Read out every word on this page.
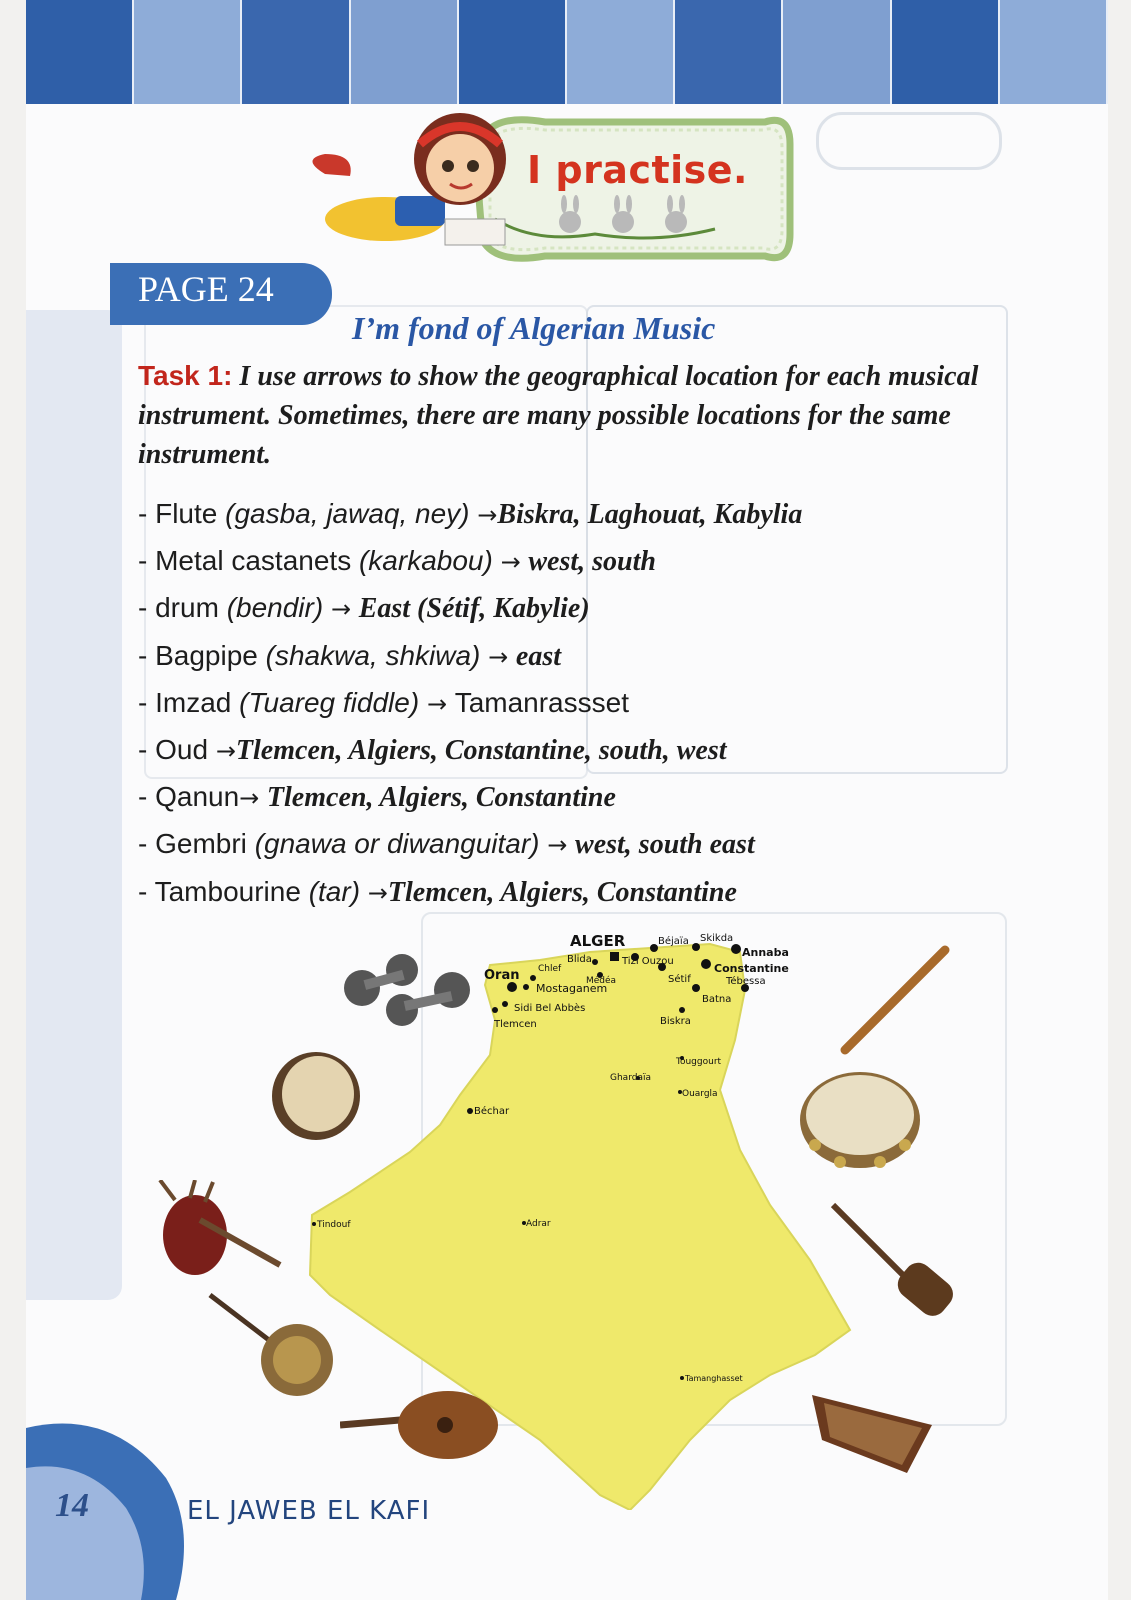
I practise.
PAGE 24
I’m fond of Algerian Music
Task 1: I use arrows to show the geographical location for each musical instrument. Sometimes, there are many possible locations for the same instrument.
- Flute (gasba, jawaq, ney) →Biskra, Laghouat, Kabylia
- Metal castanets (karkabou) → west, south
- drum (bendir) → East (Sétif, Kabylie)
- Bagpipe (shakwa, shkiwa) → east
- Imzad (Tuareg fiddle) → Tamanrassset
- Oud →Tlemcen, Algiers, Constantine, south, west
- Qanun→ Tlemcen, Algiers, Constantine
- Gembri (gnawa or diwanguitar) → west, south east
- Tambourine (tar) →Tlemcen, Algiers, Constantine
ALGER	Béjaïa Skikda
Annaba
Blida	Tizi Ouzou
Chlef
Médéa	Sétif
Constantine
Tébessa
Oran
Mostaganem
Batna
Sidi Bel Abbès
Tlemcen	Biskra
Touggourt
Ghardaïa
Ouargla
Béchar
Tindouf	Adrar
Tamanghasset
14	EL JAWEB EL KAFI
